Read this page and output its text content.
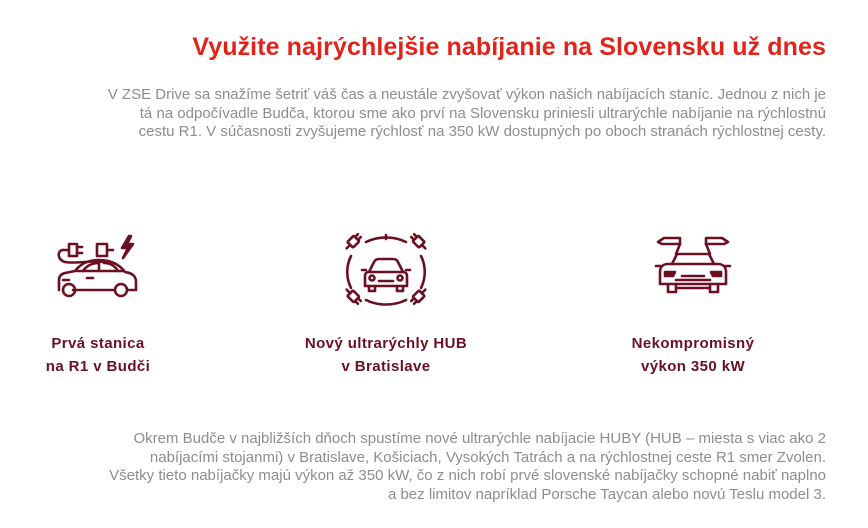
Využite najrýchlejšie nabíjanie na Slovensku už dnes
V ZSE Drive sa snažíme šetriť váš čas a neustále zvyšovať výkon našich nabíjacích staníc. Jednou z nich je
tá na odpočívadle Budča, ktorou sme ako prví na Slovensku priniesli ultrarýchle nabíjanie na rýchlostnú
cestu R1. V súčasnosti zvyšujeme rýchlosť na 350 kW dostupných po oboch stranách rýchlostnej cesty.
Prvá stanica
na R1 v Budči
Nový ultrarýchly HUB
v Bratislave
Nekompromisný
výkon 350 kW
Okrem Budče v najbližších dňoch spustíme nové ultrarýchle nabíjacie HUBY (HUB – miesta s viac ako 2
nabíjacími stojanmi) v Bratislave, Košiciach, Vysokých Tatrách a na rýchlostnej ceste R1 smer Zvolen.
Všetky tieto nabíjačky majú výkon až 350 kW, čo z nich robí prvé slovenské nabíjačky schopné nabiť naplno
a bez limitov napríklad Porsche Taycan alebo novú Teslu model 3.
